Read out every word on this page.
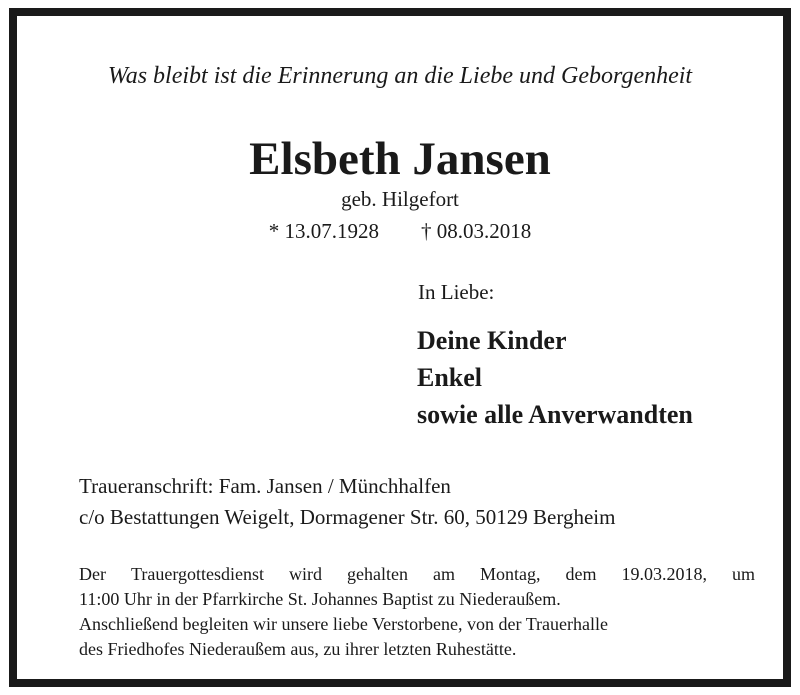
Was bleibt ist die Erinnerung an die Liebe und Geborgenheit
Elsbeth Jansen
geb. Hilgefort
* 13.07.1928 † 08.03.2018
In Liebe:
Deine Kinder
Enkel
sowie alle Anverwandten
Traueranschrift: Fam. Jansen / Münchhalfen
c/o Bestattungen Weigelt, Dormagener Str. 60, 50129 Bergheim
Der Trauergottesdienst wird gehalten am Montag, dem 19.03.2018, um
11:00 Uhr in der Pfarrkirche St. Johannes Baptist zu Niederaußem.
Anschließend begleiten wir unsere liebe Verstorbene, von der Trauerhalle
des Friedhofes Niederaußem aus, zu ihrer letzten Ruhestätte.
